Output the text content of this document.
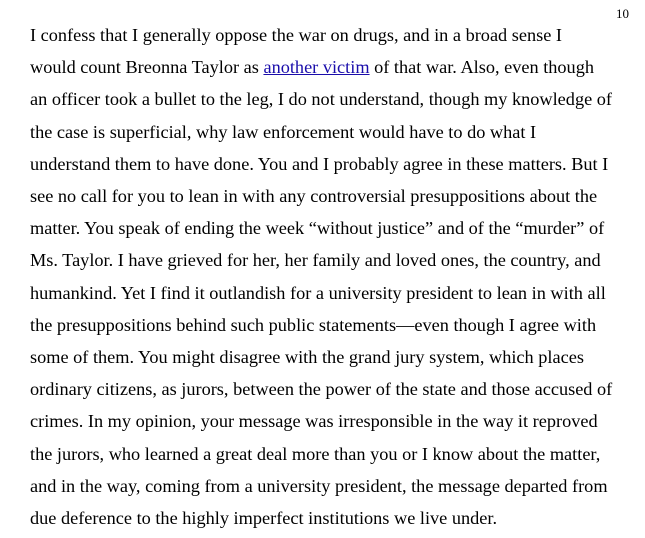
10
I confess that I generally oppose the war on drugs, and in a broad sense I
would count Breonna Taylor as another victim of that war. Also, even though
an officer took a bullet to the leg, I do not understand, though my knowledge of
the case is superficial, why law enforcement would have to do what I
understand them to have done. You and I probably agree in these matters. But I
see no call for you to lean in with any controversial presuppositions about the
matter. You speak of ending the week “without justice” and of the “murder” of
Ms. Taylor. I have grieved for her, her family and loved ones, the country, and
humankind. Yet I find it outlandish for a university president to lean in with all
the presuppositions behind such public statements—even though I agree with
some of them. You might disagree with the grand jury system, which places
ordinary citizens, as jurors, between the power of the state and those accused of
crimes. In my opinion, your message was irresponsible in the way it reproved
the jurors, who learned a great deal more than you or I know about the matter,
and in the way, coming from a university president, the message departed from
due deference to the highly imperfect institutions we live under.
